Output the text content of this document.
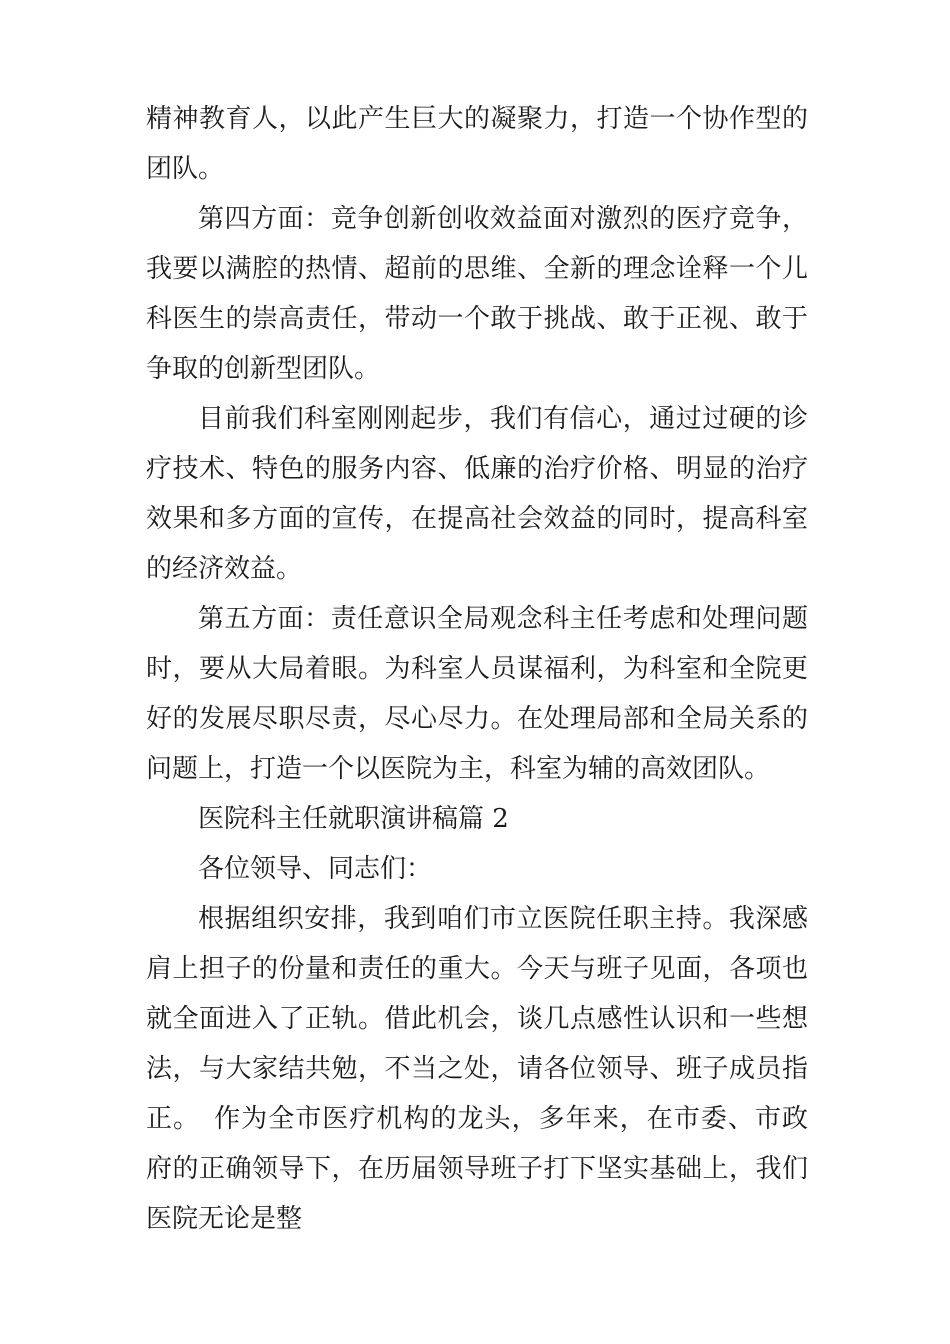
精神教育人，以此产生巨大的凝聚力，打造一个协作型的团队。

第四方面：竞争创新创收效益面对激烈的医疗竞争，我要以满腔的热情、超前的思维、全新的理念诠释一个儿科医生的崇高责任，带动一个敢于挑战、敢于正视、敢于争取的创新型团队。

目前我们科室刚刚起步，我们有信心，通过过硬的诊疗技术、特色的服务内容、低廉的治疗价格、明显的治疗效果和多方面的宣传，在提高社会效益的同时，提高科室的经济效益。

第五方面：责任意识全局观念科主任考虑和处理问题时，要从大局着眼。为科室人员谋福利，为科室和全院更好的发展尽职尽责，尽心尽力。在处理局部和全局关系的问题上，打造一个以医院为主，科室为辅的高效团队。

医院科主任就职演讲稿篇 2

各位领导、同志们：

根据组织安排，我到咱们市立医院任职主持。我深感肩上担子的份量和责任的重大。今天与班子见面，各项也就全面进入了正轨。借此机会，谈几点感性认识和一些想法，与大家结共勉，不当之处，请各位领导、班子成员指正。　作为全市医疗机构的龙头，多年来，在市委、市政府的正确领导下，在历届领导班子打下坚实基础上，我们医院无论是整
